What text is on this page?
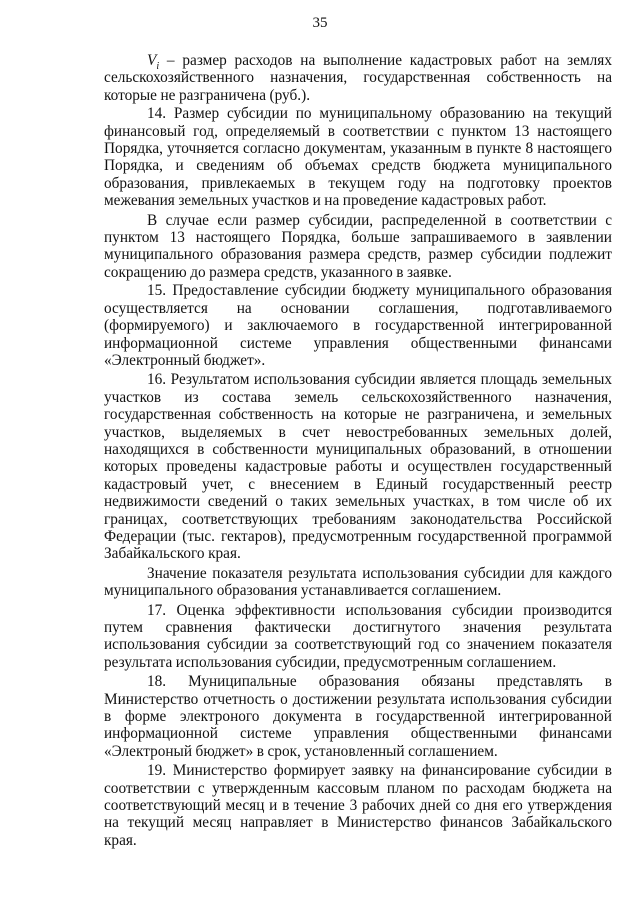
35

$V_i$ – размер расходов на выполнение кадастровых работ на землях сельскохозяйственного назначения, государственная собственность на которые не разграничена (руб.).

14. Размер субсидии по муниципальному образованию на текущий финансовый год, определяемый в соответствии с пунктом 13 настоящего Порядка, уточняется согласно документам, указанным в пункте 8 настоящего Порядка, и сведениям об объемах средств бюджета муниципального образования, привлекаемых в текущем году на подготовку проектов межевания земельных участков и на проведение кадастровых работ.

В случае если размер субсидии, распределенной в соответствии с пунктом 13 настоящего Порядка, больше запрашиваемого в заявлении муниципального образования размера средств, размер субсидии подлежит сокращению до размера средств, указанного в заявке.

15. Предоставление субсидии бюджету муниципального образования осуществляется на основании соглашения, подготавливаемого (формируемого) и заключаемого в государственной интегрированной информационной системе управления общественными финансами «Электронный бюджет».

16. Результатом использования субсидии является площадь земельных участков из состава земель сельскохозяйственного назначения, государственная собственность на которые не разграничена, и земельных участков, выделяемых в счет невостребованных земельных долей, находящихся в собственности муниципальных образований, в отношении которых проведены кадастровые работы и осуществлен государственный кадастровый учет, с внесением в Единый государственный реестр недвижимости сведений о таких земельных участках, в том числе об их границах, соответствующих требованиям законодательства Российской Федерации (тыс. гектаров), предусмотренным государственной программой Забайкальского края.

Значение показателя результата использования субсидии для каждого муниципального образования устанавливается соглашением.

17. Оценка эффективности использования субсидии производится путем сравнения фактически достигнутого значения результата использования субсидии за соответствующий год со значением показателя результата использования субсидии, предусмотренным соглашением.

18. Муниципальные образования обязаны представлять в Министерство отчетность о достижении результата использования субсидии в форме электроного документа в государственной интегрированной информационной системе управления общественными финансами «Электроный бюджет» в срок, установленный соглашением.

19. Министерство формирует заявку на финансирование субсидии в соответствии с утвержденным кассовым планом по расходам бюджета на соответствующий месяц и в течение 3 рабочих дней со дня его утверждения на текущий месяц направляет в Министерство финансов Забайкальского края.
